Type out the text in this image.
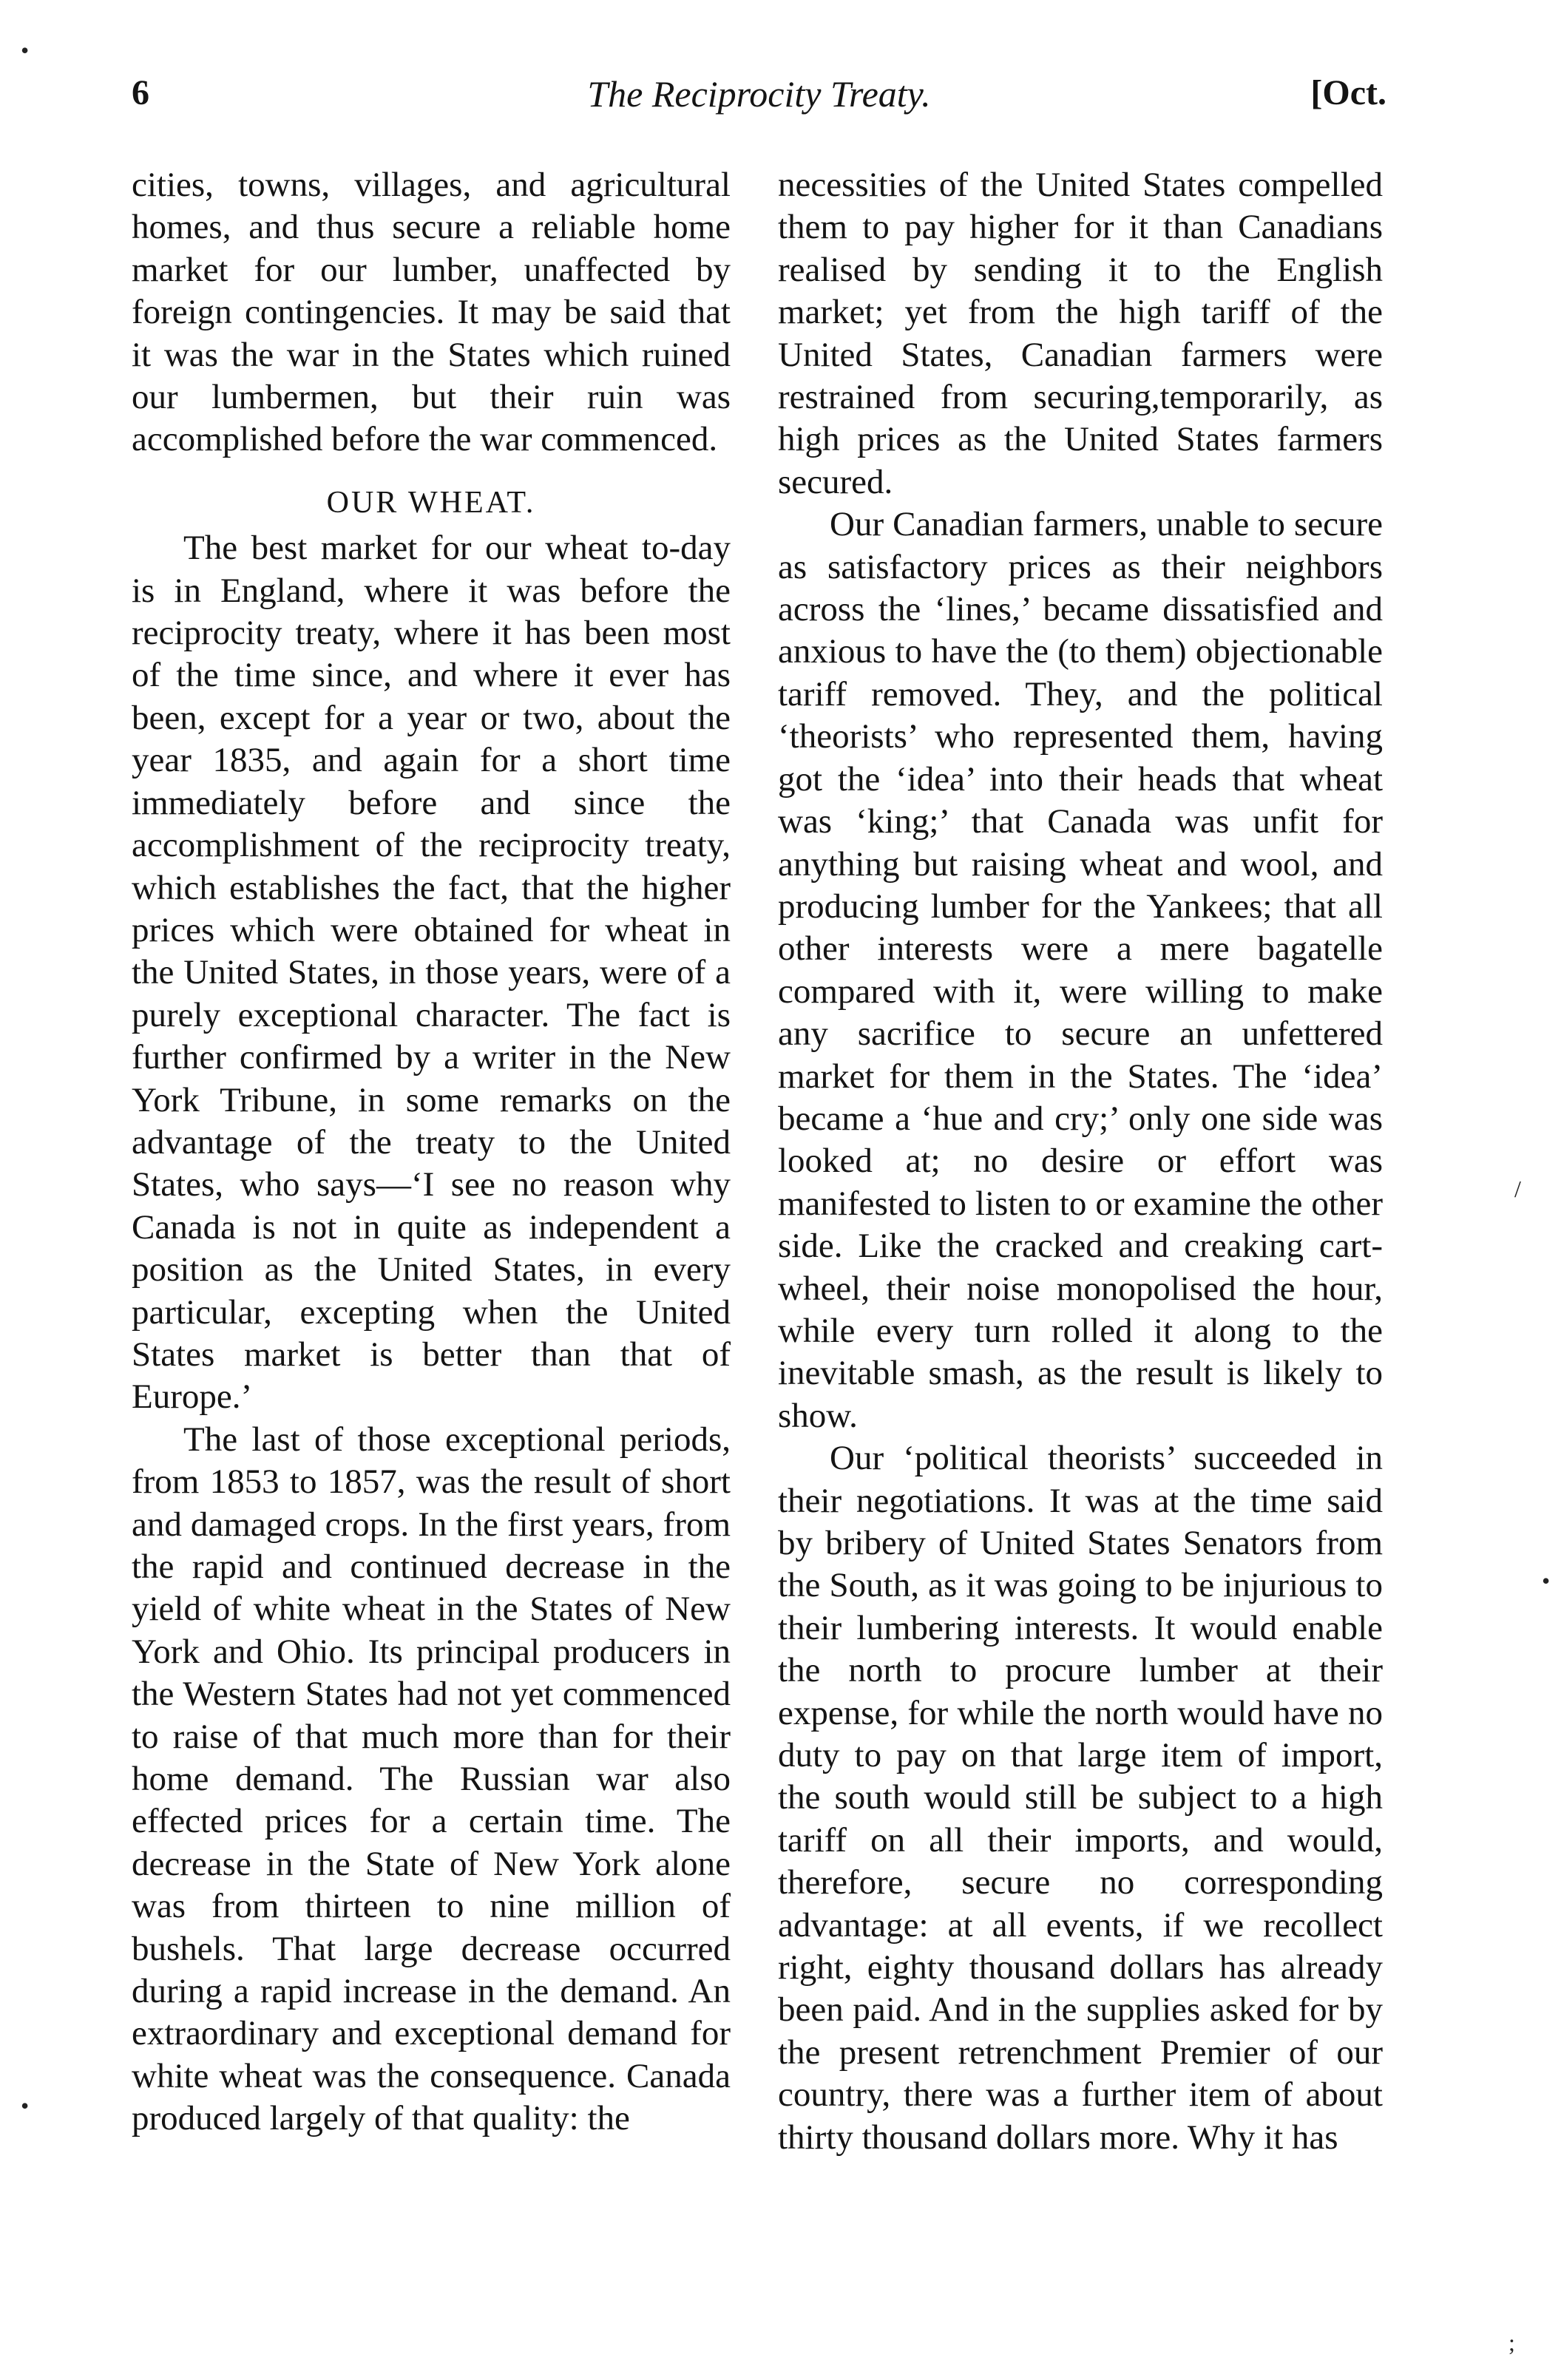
6	The Reciprocity Treaty.	[Oct.

cities, towns, villages, and agricultural homes, and thus secure a reliable home market for our lumber, unaffected by foreign contingencies. It may be said that it was the war in the States which ruined our lumbermen, but their ruin was accomplished before the war commenced.

OUR WHEAT.

The best market for our wheat to-day is in England, where it was before the reciprocity treaty, where it has been most of the time since, and where it ever has been, except for a year or two, about the year 1835, and again for a short time immediately before and since the accomplishment of the reciprocity treaty, which establishes the fact, that the higher prices which were obtained for wheat in the United States, in those years, were of a purely exceptional character. The fact is further confirmed by a writer in the New York Tribune, in some remarks on the advantage of the treaty to the United States, who says—‘I see no reason why Canada is not in quite as independent a position as the United States, in every particular, excepting when the United States market is better than that of Europe.’

The last of those exceptional periods, from 1853 to 1857, was the result of short and damaged crops. In the first years, from the rapid and continued decrease in the yield of white wheat in the States of New York and Ohio. Its principal producers in the Western States had not yet commenced to raise of that much more than for their home demand. The Russian war also effected prices for a certain time. The decrease in the State of New York alone was from thirteen to nine million of bushels. That large decrease occurred during a rapid increase in the demand. An extraordinary and exceptional demand for white wheat was the consequence. Canada produced largely of that quality: the

necessities of the United States compelled them to pay higher for it than Canadians realised by sending it to the English market; yet from the high tariff of the United States, Canadian farmers were restrained from securing,temporarily, as high prices as the United States farmers secured.

Our Canadian farmers, unable to secure as satisfactory prices as their neighbors across the ‘lines,’ became dissatisfied and anxious to have the (to them) objectionable tariff removed. They, and the political ‘theorists’ who represented them, having got the ‘idea’ into their heads that wheat was ‘king;’ that Canada was unfit for anything but raising wheat and wool, and producing lumber for the Yankees; that all other interests were a mere bagatelle compared with it, were willing to make any sacrifice to secure an unfettered market for them in the States. The ‘idea’ became a ‘hue and cry;’ only one side was looked at; no desire or effort was manifested to listen to or examine the other side. Like the cracked and creaking cart-wheel, their noise monopolised the hour, while every turn rolled it along to the inevitable smash, as the result is likely to show.

Our ‘political theorists’ succeeded in their negotiations. It was at the time said by bribery of United States Senators from the South, as it was going to be injurious to their lumbering interests. It would enable the north to procure lumber at their expense, for while the north would have no duty to pay on that large item of import, the south would still be subject to a high tariff on all their imports, and would, therefore, secure no corresponding advantage: at all events, if we recollect right, eighty thousand dollars has already been paid. And in the supplies asked for by the present retrenchment Premier of our country, there was a further item of about thirty thousand dollars more. Why it has

•
/
•
•
;
